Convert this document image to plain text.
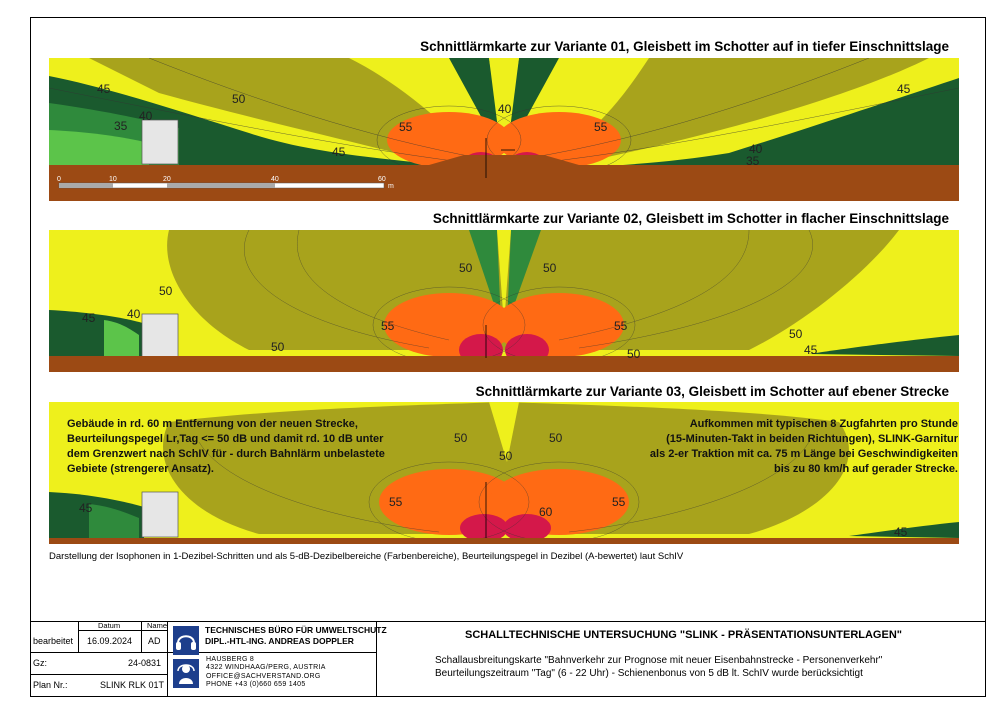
Schnittlärmkarte zur Variante 01, Gleisbett im Schotter auf in tiefer Einschnittslage
45
50
40
35	55
45
40
55
45
40
35
0	10	20	40	60
m
Schnittlärmkarte zur Variante 02, Gleisbett im Schotter in flacher Einschnittslage
50	50
50
45	40
55
50
55
50
45
50
Schnittlärmkarte zur Variante 03, Gleisbett im Schotter auf ebener Strecke
50	50
50
55	55
60
45
45
Gebäude in rd. 60 m Entfernung von der neuen Strecke,
Beurteilungspegel Lr,Tag <= 50 dB und damit rd. 10 dB unter
dem Grenzwert nach SchIV für - durch Bahnlärm unbelastete
Gebiete (strengerer Ansatz).
Aufkommen mit typischen 8 Zugfahrten pro Stunde
(15-Minuten-Takt in beiden Richtungen), SLINK-Garnitur
als 2-er Traktion mit ca. 75 m Länge bei Geschwindigkeiten
bis zu 80 km/h auf gerader Strecke.
Darstellung der Isophonen in 1-Dezibel-Schritten und als 5-dB-Dezibelbereiche (Farbenbereiche), Beurteilungspegel in Dezibel (A-bewertet) laut SchIV
Datum	Name
bearbeitet 16.09.2024 AD
Gz:	24-0831
Plan Nr.:	SLINK RLK 01T
TECHNISCHES BÜRO FÜR UMWELTSCHUTZ
DIPL.-HTL-ING. ANDREAS DOPPLER
HAUSBERG 8
4322 WINDHAAG/PERG, AUSTRIA
OFFICE@SACHVERSTAND.ORG
PHONE +43 (0)660 659 1405
SCHALLTECHNISCHE UNTERSUCHUNG "SLINK - PRÄSENTATIONSUNTERLAGEN"
Schallausbreitungskarte "Bahnverkehr zur Prognose mit neuer Eisenbahnstrecke - Personenverkehr"
Beurteilungszeitraum "Tag" (6 - 22 Uhr) - Schienenbonus von 5 dB lt. SchIV wurde berücksichtigt
